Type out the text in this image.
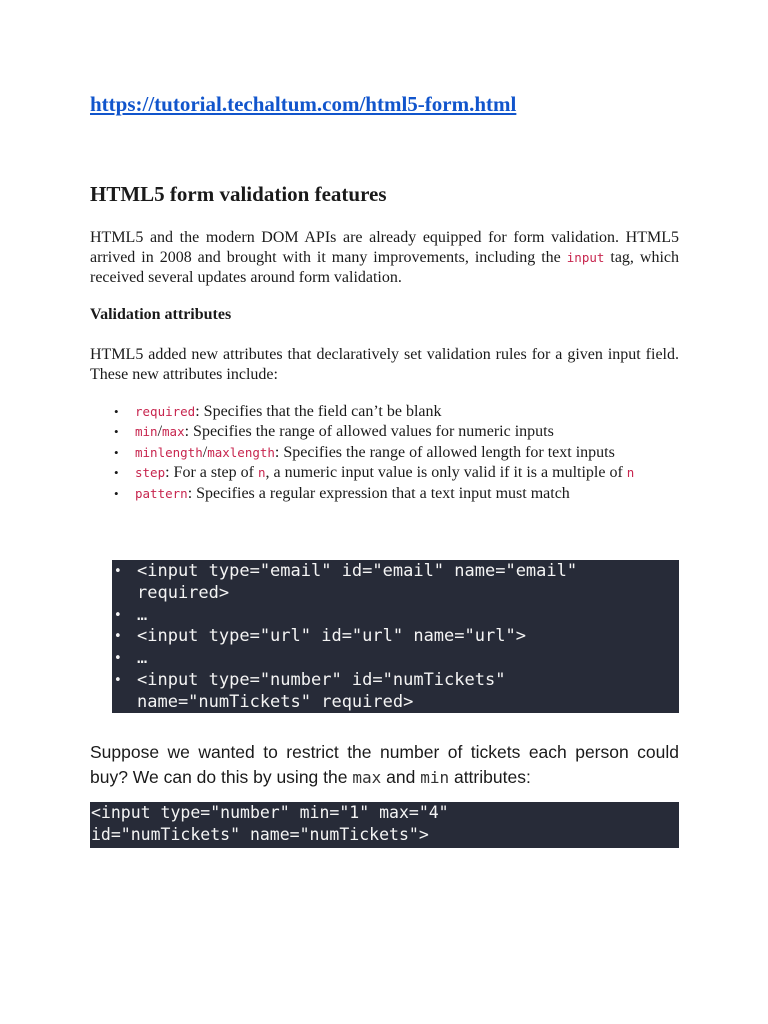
https://tutorial.techaltum.com/html5-form.html
HTML5 form validation features

HTML5 and the modern DOM APIs are already equipped for form validation. HTML5 arrived in 2008 and brought with it many improvements, including the input tag, which received several updates around form validation.

Validation attributes

HTML5 added new attributes that declaratively set validation rules for a given input field. These new attributes include:

• required: Specifies that the field can’t be blank
• min/max: Specifies the range of allowed values for numeric inputs
• minlength/maxlength: Specifies the range of allowed length for text inputs
• step: For a step of n, a numeric input value is only valid if it is a multiple of n
• pattern: Specifies a regular expression that a text input must match
• <input type="email" id="email" name="email"
required>
• …
• <input type="url" id="url" name="url">
• …
• <input type="number" id="numTickets"
name="numTickets" required>

Suppose we wanted to restrict the number of tickets each person could buy? We can do this by using the max and min attributes:

<input type="number" min="1" max="4"
id="numTickets" name="numTickets">
